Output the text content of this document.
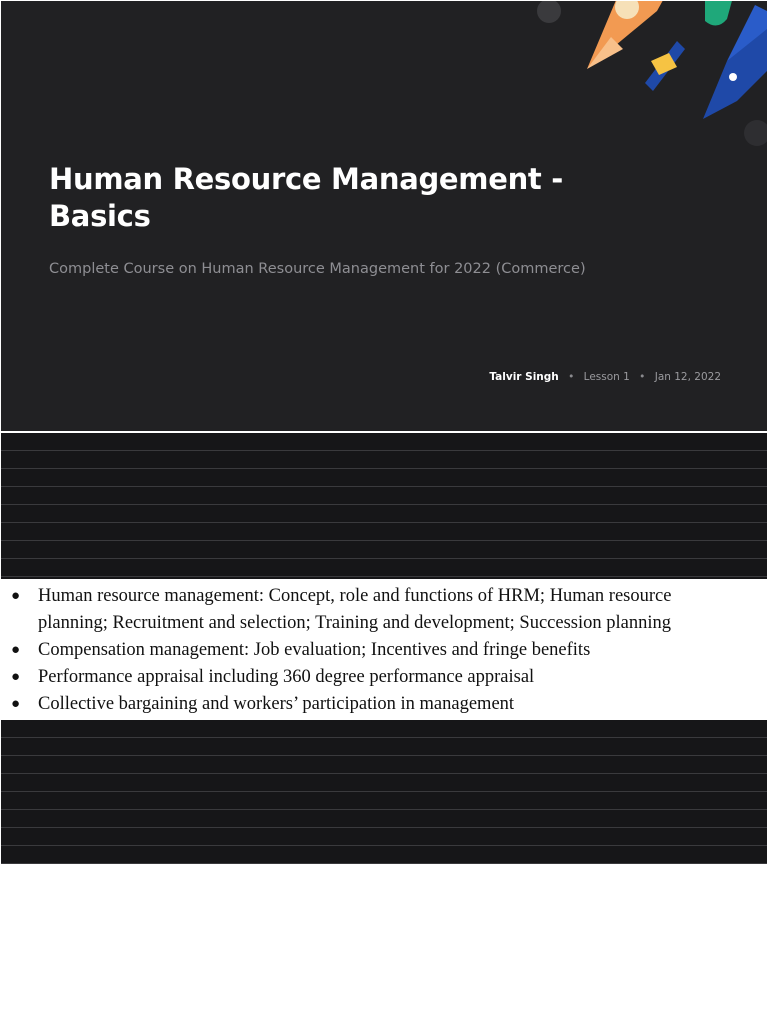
Human Resource Management - Basics

Complete Course on Human Resource Management for 2022 (Commerce)

Talvir Singh • Lesson 1 • Jan 12, 2022
● Human resource management: Concept, role and functions of HRM; Human resource planning; Recruitment and selection; Training and development; Succession planning
● Compensation management: Job evaluation; Incentives and fringe benefits
● Performance appraisal including 360 degree performance appraisal
● Collective bargaining and workers’ participation in management
